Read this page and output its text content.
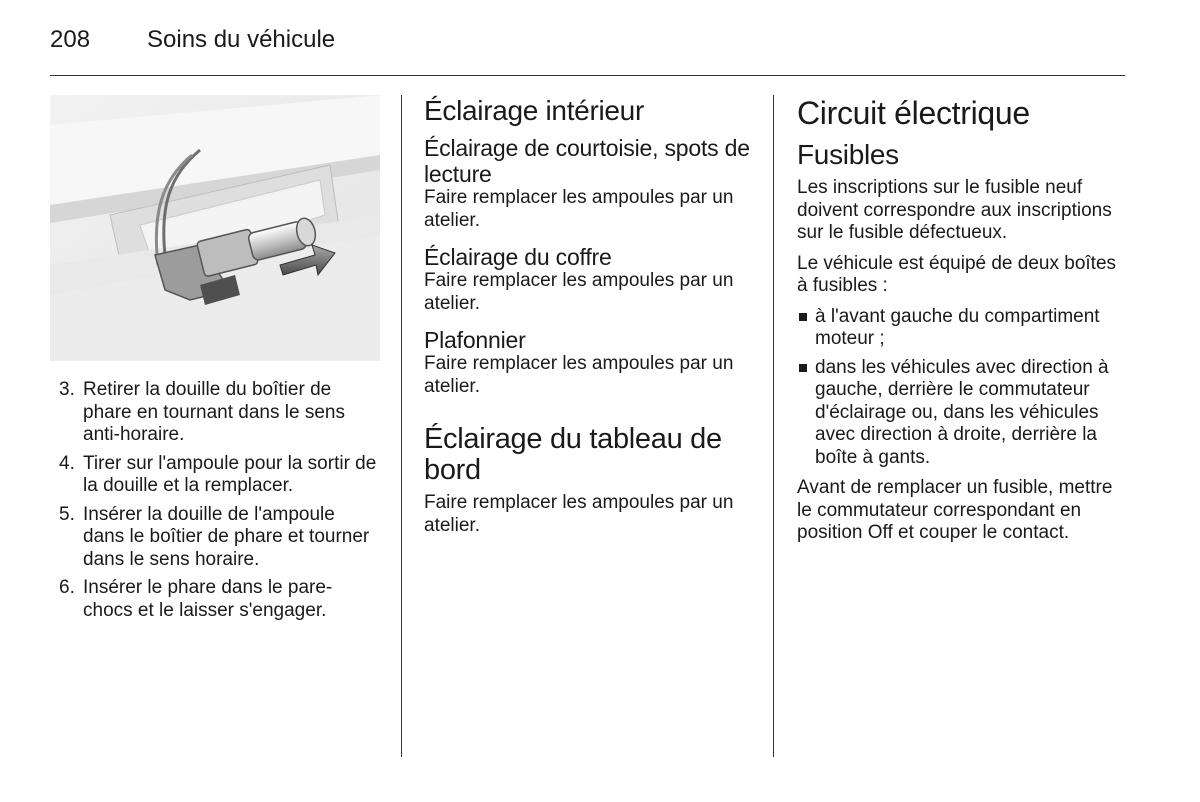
208 Soins du véhicule
3. Retirer la douille du boîtier de phare en tournant dans le sens anti-horaire.
4. Tirer sur l'ampoule pour la sortir de la douille et la remplacer.
5. Insérer la douille de l'ampoule dans le boîtier de phare et tourner dans le sens horaire.
6. Insérer le phare dans le pare-chocs et le laisser s'engager.
Éclairage intérieur
Éclairage de courtoisie, spots de lecture

Faire remplacer les ampoules par un atelier.

Éclairage du coffre

Faire remplacer les ampoules par un atelier.

Plafonnier

Faire remplacer les ampoules par un atelier.

Éclairage du tableau de bord

Faire remplacer les ampoules par un atelier.

Circuit électrique
Fusibles

Les inscriptions sur le fusible neuf doivent correspondre aux inscriptions sur le fusible défectueux.

Le véhicule est équipé de deux boîtes à fusibles :

à l'avant gauche du compartiment moteur ;
dans les véhicules avec direction à gauche, derrière le commutateur d'éclairage ou, dans les véhicules avec direction à droite, derrière la boîte à gants.

Avant de remplacer un fusible, mettre le commutateur correspondant en position Off et couper le contact.
